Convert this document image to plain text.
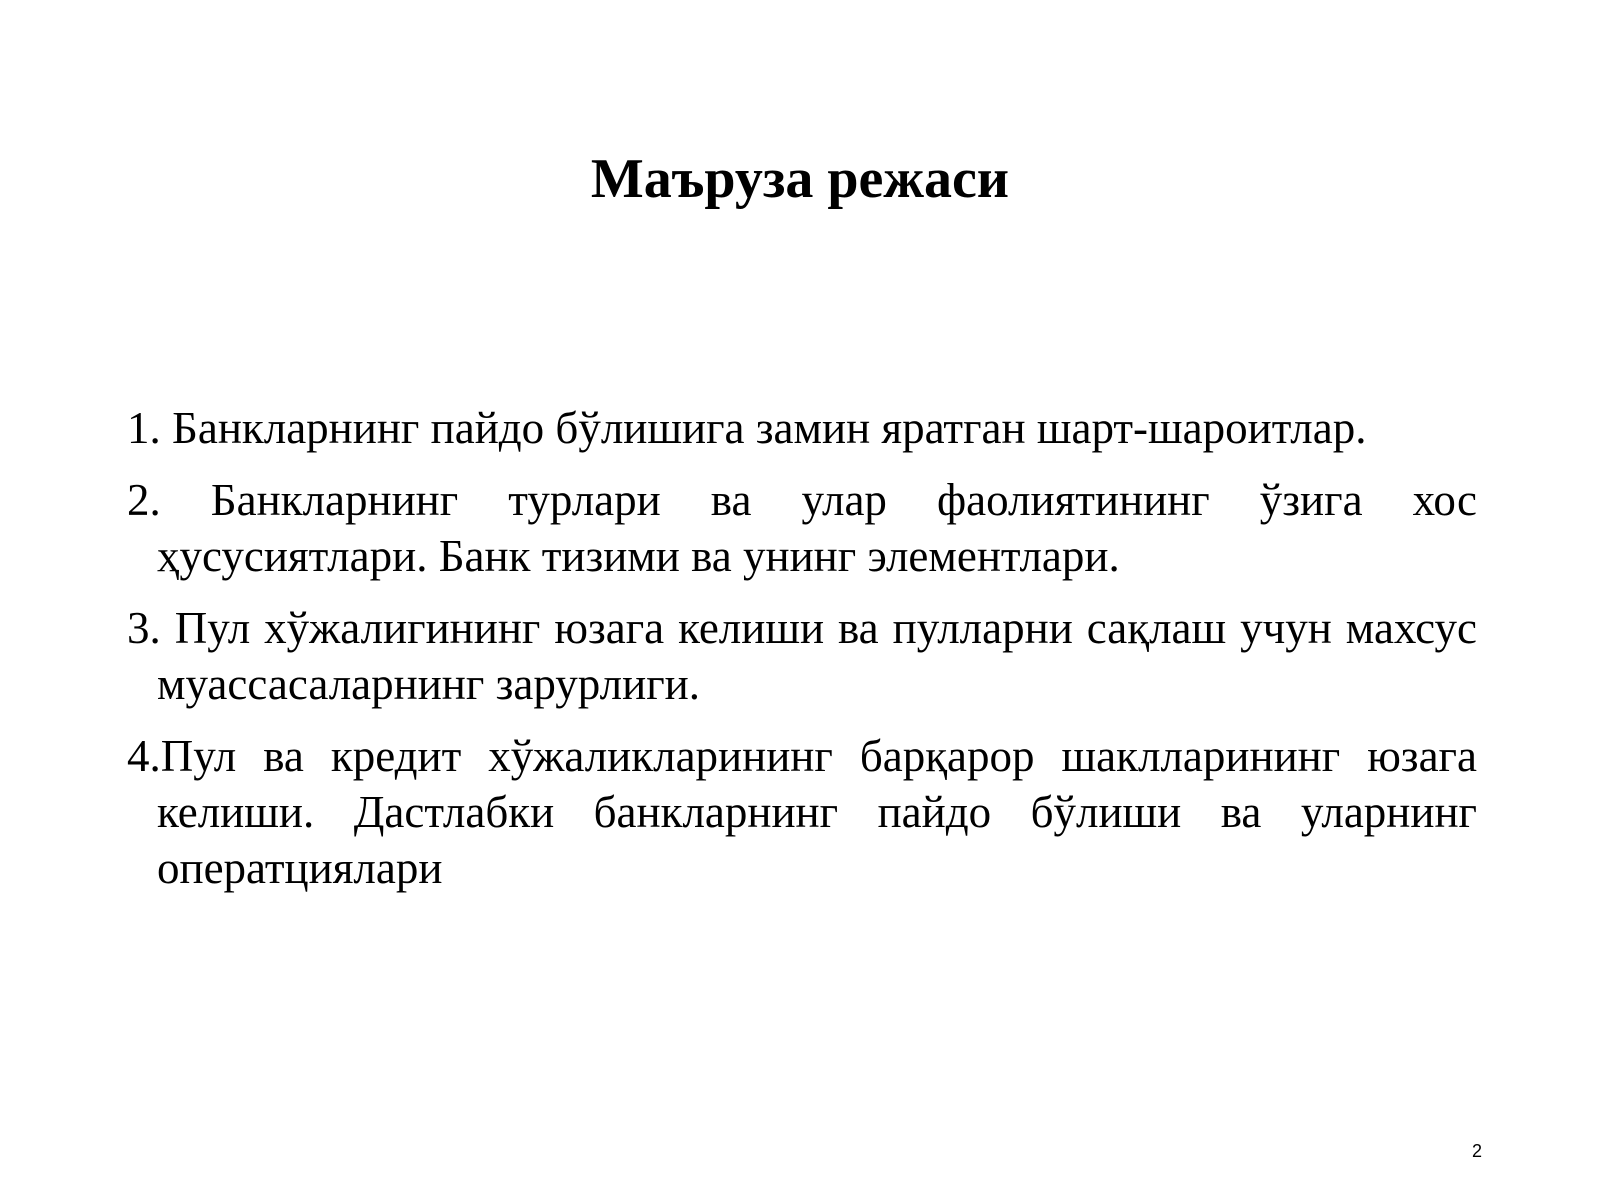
Маъруза режаси
1. Банкларнинг пайдо бўлишига замин яратган шарт-шароитлар.
2. Банкларнинг турлари ва улар фаолиятининг ўзига хос ҳусусиятлари. Банк тизими ва унинг элементлари.
3. Пул хўжалигининг юзага келиши ва пулларни сақлаш учун махсус муассасаларнинг зарурлиги.
4.Пул ва кредит хўжаликларининг барқарор шаклларининг юзага келиши. Дастлабки банкларнинг пайдо бўлиши ва уларнинг оператциялари
2
